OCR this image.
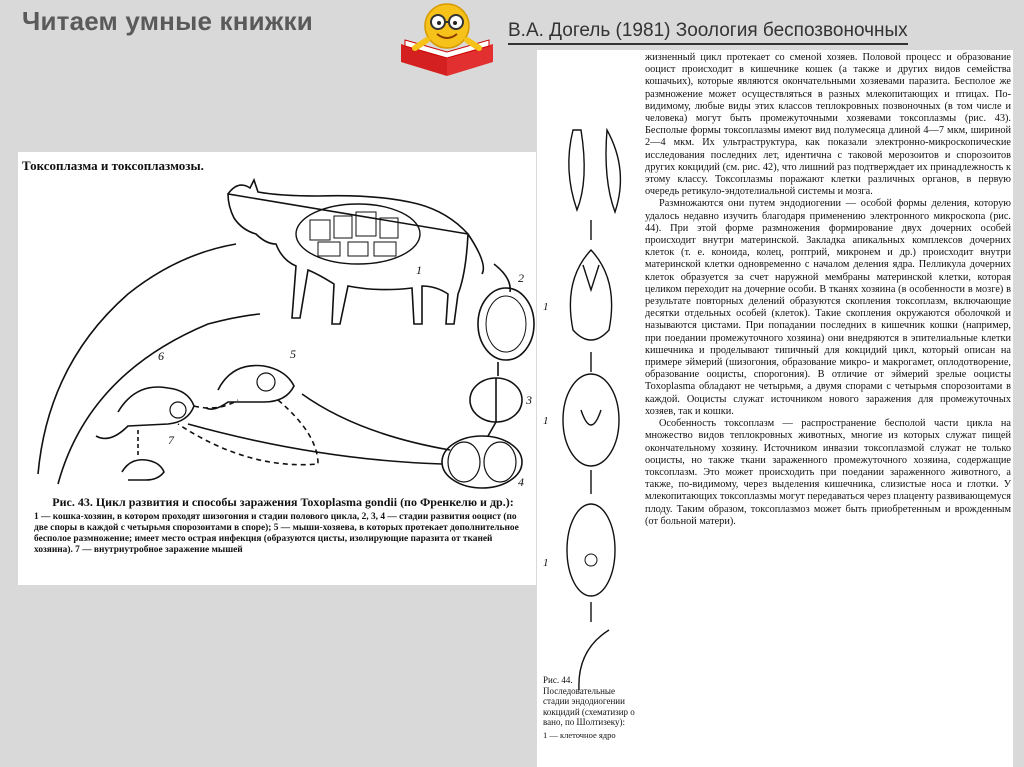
Читаем умные книжки	В.А. Догель (1981) Зоология беспозвоночных
Токсоплазма и токсоплазмозы.
1
2
3
4
5
6
7
Рис. 43. Цикл развития и способы заражения Toxoplasma gondii (по Френкелю и др.):
1 — кошка-хозяин, в котором проходят шизогония и стадии полового цикла, 2, 3, 4 — стадии развития ооцист (по две споры в каждой с четырьмя спорозоитами в споре); 5 — мыши-хозяева, в которых протекает дополнительное бесполое размножение; имеет место острая инфекция (образуются цисты, изолирующие паразита от тканей хозяина). 7 — внутриутробное заражение мышей
1
1
1
Рис. 44. Последовательные стадии эндодиогении кокцидий (схематизир о вано, по Шолтизеку):
1 — клеточное ядро

жизненный цикл протекает со сменой хозяев. Половой процесс и образование ооцист происходит в кишечнике кошек (а также и других видов семейства кошачьих), которые являются окончательными хозяевами паразита. Бесполое же размножение может осуществляться в разных млекопитающих и птицах. По-видимому, любые виды этих классов теплокровных позвоночных (в том числе и человека) могут быть промежуточными хозяевами токсоплазмы (рис. 43). Бесполые формы токсоплазмы имеют вид полумесяца длиной 4—7 мкм, шириной 2—4 мкм. Их ультраструктура, как показали электронно-микроскопические исследования последних лет, идентична с таковой мерозоитов и спорозоитов других кокцидий (см. рис. 42), что лишний раз подтверждает их принадлежность к этому классу. Токсоплазмы поражают клетки различных органов, в первую очередь ретикуло-эндотелиальной системы и мозга.

Размножаются они путем эндодиогении — особой формы деления, которую удалось недавно изучить благодаря применению электронного микроскопа (рис. 44). При этой форме размножения формирование двух дочерних особей происходит внутри материнской. Закладка апикальных комплексов дочерних клеток (т. е. коноида, колец, роптрий, микронем и др.) происходит внутри материнской клетки одновременно с началом деления ядра. Пелликула дочерних клеток образуется за счет наружной мембраны материнской клетки, которая целиком переходит на дочерние особи. В тканях хозяина (в особенности в мозге) в результате повторных делений образуются скопления токсоплазм, включающие десятки отдельных особей (клеток). Такие скопления окружаются оболочкой и называются цистами. При попадании последних в кишечник кошки (например, при поедании промежуточного хозяина) они внедряются в эпителиальные клетки кишечника и проделывают типичный для кокцидий цикл, который описан на примере эймерий (шизогония, образование микро- и макрогамет, оплодотворение, образование ооцисты, спорогония). В отличие от эймерий зрелые ооцисты Toxoplasma обладают не четырьмя, а двумя спорами с четырьмя спорозоитами в каждой. Ооцисты служат источником нового заражения для промежуточных хозяев, так и кошки.

Особенность токсоплазм — распространение бесполой части цикла на множество видов теплокровных животных, многие из которых служат пищей окончательному хозяину. Источником инвазии токсоплазмой служат не только ооцисты, но также ткани зараженного промежуточного хозяина, содержащие токсоплазм. Это может происходить при поедании зараженного животного, а также, по-видимому, через выделения кишечника, слизистые носа и глотки. У млекопитающих токсоплазмы могут передаваться через плаценту развивающемуся плоду. Таким образом, токсоплазмоз может быть приобретенным и врожденным (от больной матери).
